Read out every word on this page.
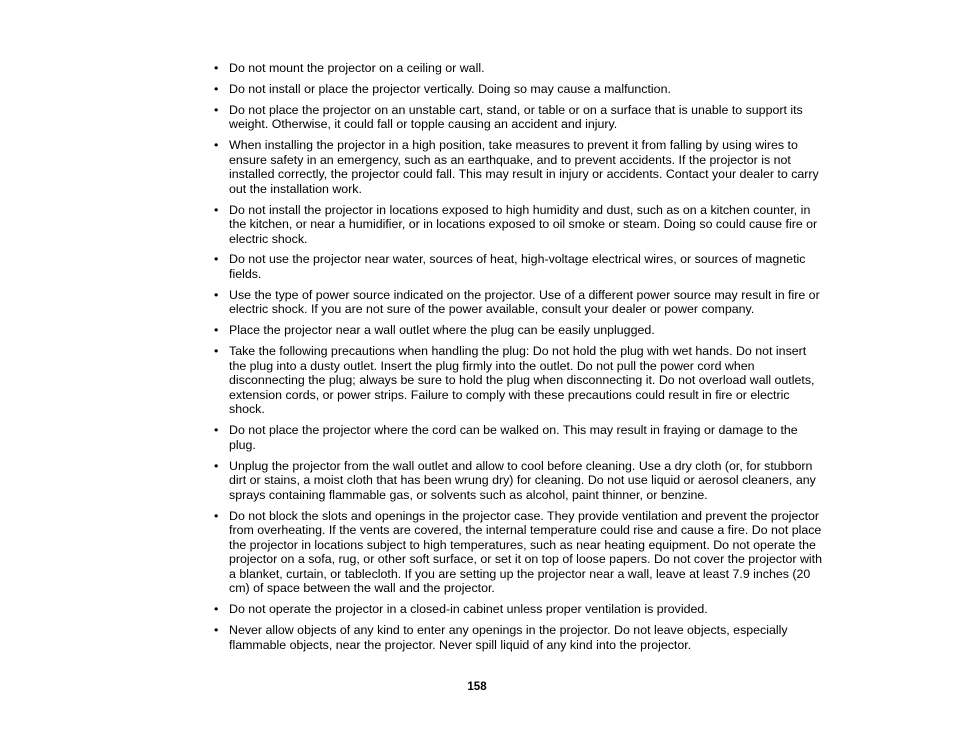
• Do not mount the projector on a ceiling or wall.
• Do not install or place the projector vertically. Doing so may cause a malfunction.
• Do not place the projector on an unstable cart, stand, or table or on a surface that is unable to support its weight. Otherwise, it could fall or topple causing an accident and injury.
• When installing the projector in a high position, take measures to prevent it from falling by using wires to ensure safety in an emergency, such as an earthquake, and to prevent accidents. If the projector is not installed correctly, the projector could fall. This may result in injury or accidents. Contact your dealer to carry out the installation work.
• Do not install the projector in locations exposed to high humidity and dust, such as on a kitchen counter, in the kitchen, or near a humidifier, or in locations exposed to oil smoke or steam. Doing so could cause fire or electric shock.
• Do not use the projector near water, sources of heat, high-voltage electrical wires, or sources of magnetic fields.
• Use the type of power source indicated on the projector. Use of a different power source may result in fire or electric shock. If you are not sure of the power available, consult your dealer or power company.
• Place the projector near a wall outlet where the plug can be easily unplugged.
• Take the following precautions when handling the plug: Do not hold the plug with wet hands. Do not insert the plug into a dusty outlet. Insert the plug firmly into the outlet. Do not pull the power cord when disconnecting the plug; always be sure to hold the plug when disconnecting it. Do not overload wall outlets, extension cords, or power strips. Failure to comply with these precautions could result in fire or electric shock.
• Do not place the projector where the cord can be walked on. This may result in fraying or damage to the plug.
• Unplug the projector from the wall outlet and allow to cool before cleaning. Use a dry cloth (or, for stubborn dirt or stains, a moist cloth that has been wrung dry) for cleaning. Do not use liquid or aerosol cleaners, any sprays containing flammable gas, or solvents such as alcohol, paint thinner, or benzine.
• Do not block the slots and openings in the projector case. They provide ventilation and prevent the projector from overheating. If the vents are covered, the internal temperature could rise and cause a fire. Do not place the projector in locations subject to high temperatures, such as near heating equipment. Do not operate the projector on a sofa, rug, or other soft surface, or set it on top of loose papers. Do not cover the projector with a blanket, curtain, or tablecloth. If you are setting up the projector near a wall, leave at least 7.9 inches (20 cm) of space between the wall and the projector.
• Do not operate the projector in a closed-in cabinet unless proper ventilation is provided.
• Never allow objects of any kind to enter any openings in the projector. Do not leave objects, especially flammable objects, near the projector. Never spill liquid of any kind into the projector.
158
